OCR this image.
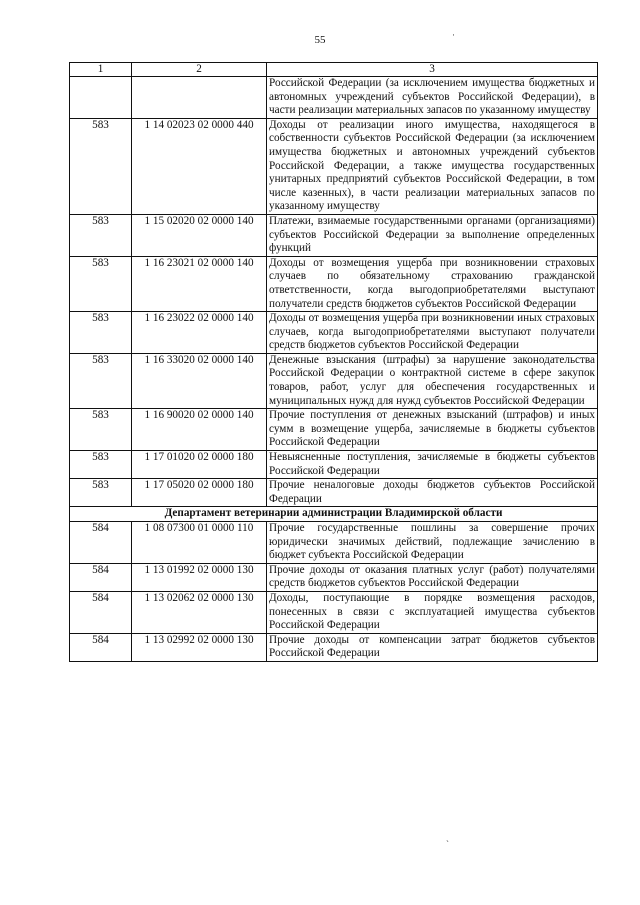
55
1	2	3
		Российской Федерации (за исключением имущества бюджетных и автономных учреждений субъектов Российской Федерации), в части реализации материальных запасов по указанному имуществу
583	1 14 02023 02 0000 440	Доходы от реализации иного имущества, находящегося в собственности субъектов Российской Федерации (за исключением имущества бюджетных и автономных учреждений субъектов Российской Федерации, а также имущества государственных унитарных предприятий субъектов Российской Федерации, в том числе казенных), в части реализации материальных запасов по указанному имуществу
583	1 15 02020 02 0000 140	Платежи, взимаемые государственными органами (организациями) субъектов Российской Федерации за выполнение определенных функций
583	1 16 23021 02 0000 140	Доходы от возмещения ущерба при возникновении страховых случаев по обязательному страхованию гражданской ответственности, когда выгодоприобретателями выступают получатели средств бюджетов субъектов Российской Федерации
583	1 16 23022 02 0000 140	Доходы от возмещения ущерба при возникновении иных страховых случаев, когда выгодоприобретателями выступают получатели средств бюджетов субъектов Российской Федерации
583	1 16 33020 02 0000 140	Денежные взыскания (штрафы) за нарушение законодательства Российской Федерации о контрактной системе в сфере закупок товаров, работ, услуг для обеспечения государственных и муниципальных нужд для нужд субъектов Российской Федерации
583	1 16 90020 02 0000 140	Прочие поступления от денежных взысканий (штрафов) и иных сумм в возмещение ущерба, зачисляемые в бюджеты субъектов Российской Федерации
583	1 17 01020 02 0000 180	Невыясненные поступления, зачисляемые в бюджеты субъектов Российской Федерации
583	1 17 05020 02 0000 180	Прочие неналоговые доходы бюджетов субъектов Российской Федерации
Департамент ветеринарии администрации Владимирской области		
584	1 08 07300 01 0000 110	Прочие государственные пошлины за совершение прочих юридически значимых действий, подлежащие зачислению в бюджет субъекта Российской Федерации
584	1 13 01992 02 0000 130	Прочие доходы от оказания платных услуг (работ) получателями средств бюджетов субъектов Российской Федерации
584	1 13 02062 02 0000 130	Доходы, поступающие в порядке возмещения расходов, понесенных в связи с эксплуатацией имущества субъектов Российской Федерации
584	1 13 02992 02 0000 130	Прочие доходы от компенсации затрат бюджетов субъектов Российской Федерации
·
ˎ
